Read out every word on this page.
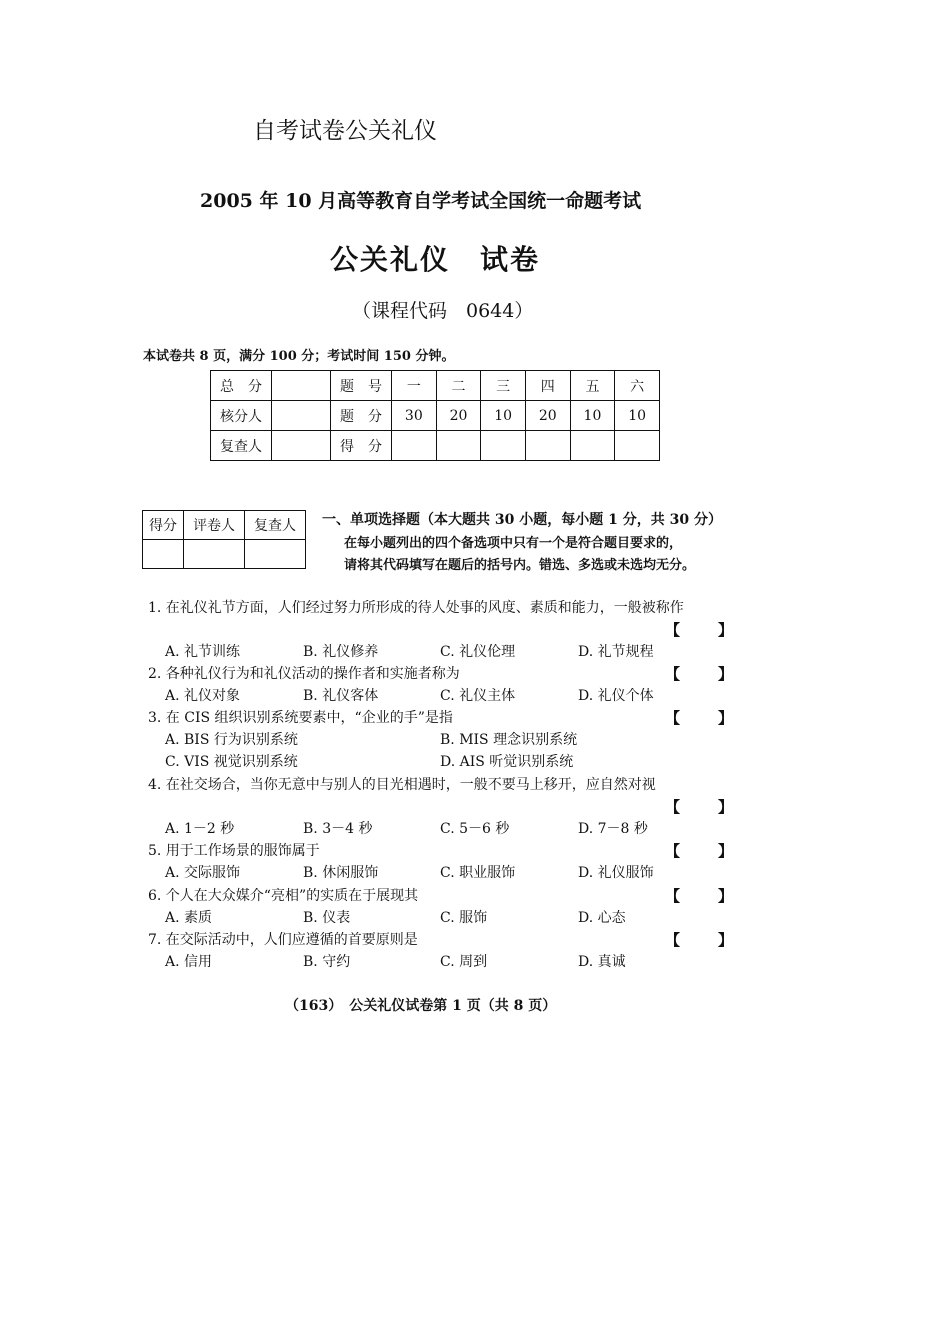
自考试卷公关礼仪
2005 年 10 月高等教育自学考试全国统一命题考试
公关礼仪 试卷
（课程代码　0644）
本试卷共 8 页，满分 100 分；考试时间 150 分钟。
总　分		题　号	一	二	三	四	五	六
核分人		题　分	30	20	10	20	10	10
复查人		得　分						
得分	评卷人	复查人
		一、单项选择题（本大题共 30 小题，每小题 1 分，共 30 分）
在每小题列出的四个备选项中只有一个是符合题目要求的，
请将其代码填写在题后的括号内。错选、多选或未选均无分。
1. 在礼仪礼节方面，人们经过努力所形成的待人处事的风度、素质和能力，一般被称作
【	】
A. 礼节训练	B. 礼仪修养	C. 礼仪伦理	D. 礼节规程
2. 各种礼仪行为和礼仪活动的操作者和实施者称为	【	】
A. 礼仪对象	B. 礼仪客体	C. 礼仪主体	D. 礼仪个体
3. 在 CIS 组织识别系统要素中，“企业的手”是指	【	】
A. BIS 行为识别系统	B. MIS 理念识别系统
C. VIS 视觉识别系统	D. AIS 听觉识别系统
4. 在社交场合，当你无意中与别人的目光相遇时，一般不要马上移开，应自然对视
【	】
A. 1－2 秒	B. 3－4 秒	C. 5－6 秒	D. 7－8 秒
5. 用于工作场景的服饰属于	【	】
A. 交际服饰	B. 休闲服饰	C. 职业服饰	D. 礼仪服饰
6. 个人在大众媒介“亮相”的实质在于展现其	【	】
A. 素质	B. 仪表	C. 服饰	D. 心态
7. 在交际活动中，人们应遵循的首要原则是	【	】
A. 信用	B. 守约	C. 周到	D. 真诚
（163）　公关礼仪试卷第 1 页（共 8 页）
